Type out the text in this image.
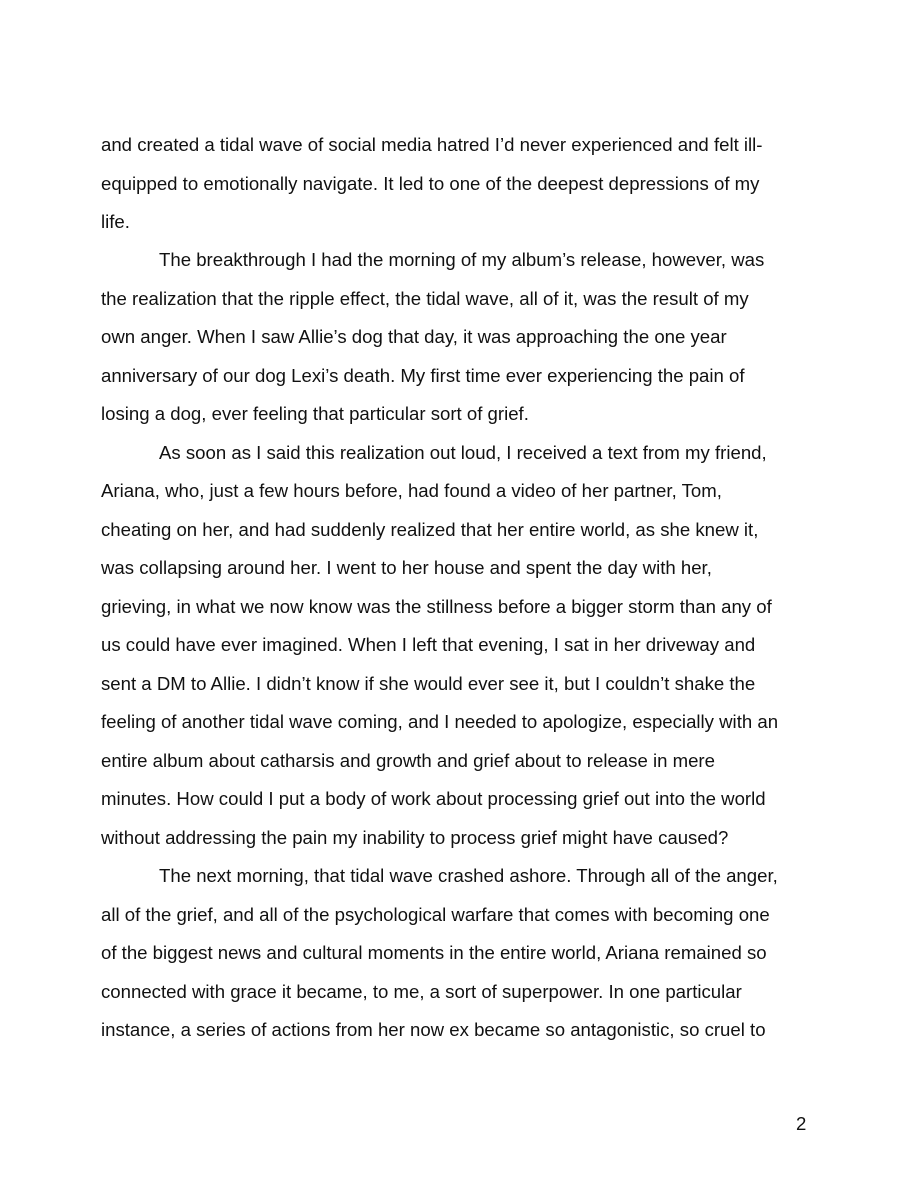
and created a tidal wave of social media hatred I’d never experienced and felt ill-
equipped to emotionally navigate. It led to one of the deepest depressions of my
life.
The breakthrough I had the morning of my album’s release, however, was
the realization that the ripple effect, the tidal wave, all of it, was the result of my
own anger. When I saw Allie’s dog that day, it was approaching the one year
anniversary of our dog Lexi’s death. My first time ever experiencing the pain of
losing a dog, ever feeling that particular sort of grief.
As soon as I said this realization out loud, I received a text from my friend,
Ariana, who, just a few hours before, had found a video of her partner, Tom,
cheating on her, and had suddenly realized that her entire world, as she knew it,
was collapsing around her. I went to her house and spent the day with her,
grieving, in what we now know was the stillness before a bigger storm than any of
us could have ever imagined. When I left that evening, I sat in her driveway and
sent a DM to Allie. I didn’t know if she would ever see it, but I couldn’t shake the
feeling of another tidal wave coming, and I needed to apologize, especially with an
entire album about catharsis and growth and grief about to release in mere
minutes. How could I put a body of work about processing grief out into the world
without addressing the pain my inability to process grief might have caused?
The next morning, that tidal wave crashed ashore. Through all of the anger,
all of the grief, and all of the psychological warfare that comes with becoming one
of the biggest news and cultural moments in the entire world, Ariana remained so
connected with grace it became, to me, a sort of superpower. In one particular
instance, a series of actions from her now ex became so antagonistic, so cruel to
2
